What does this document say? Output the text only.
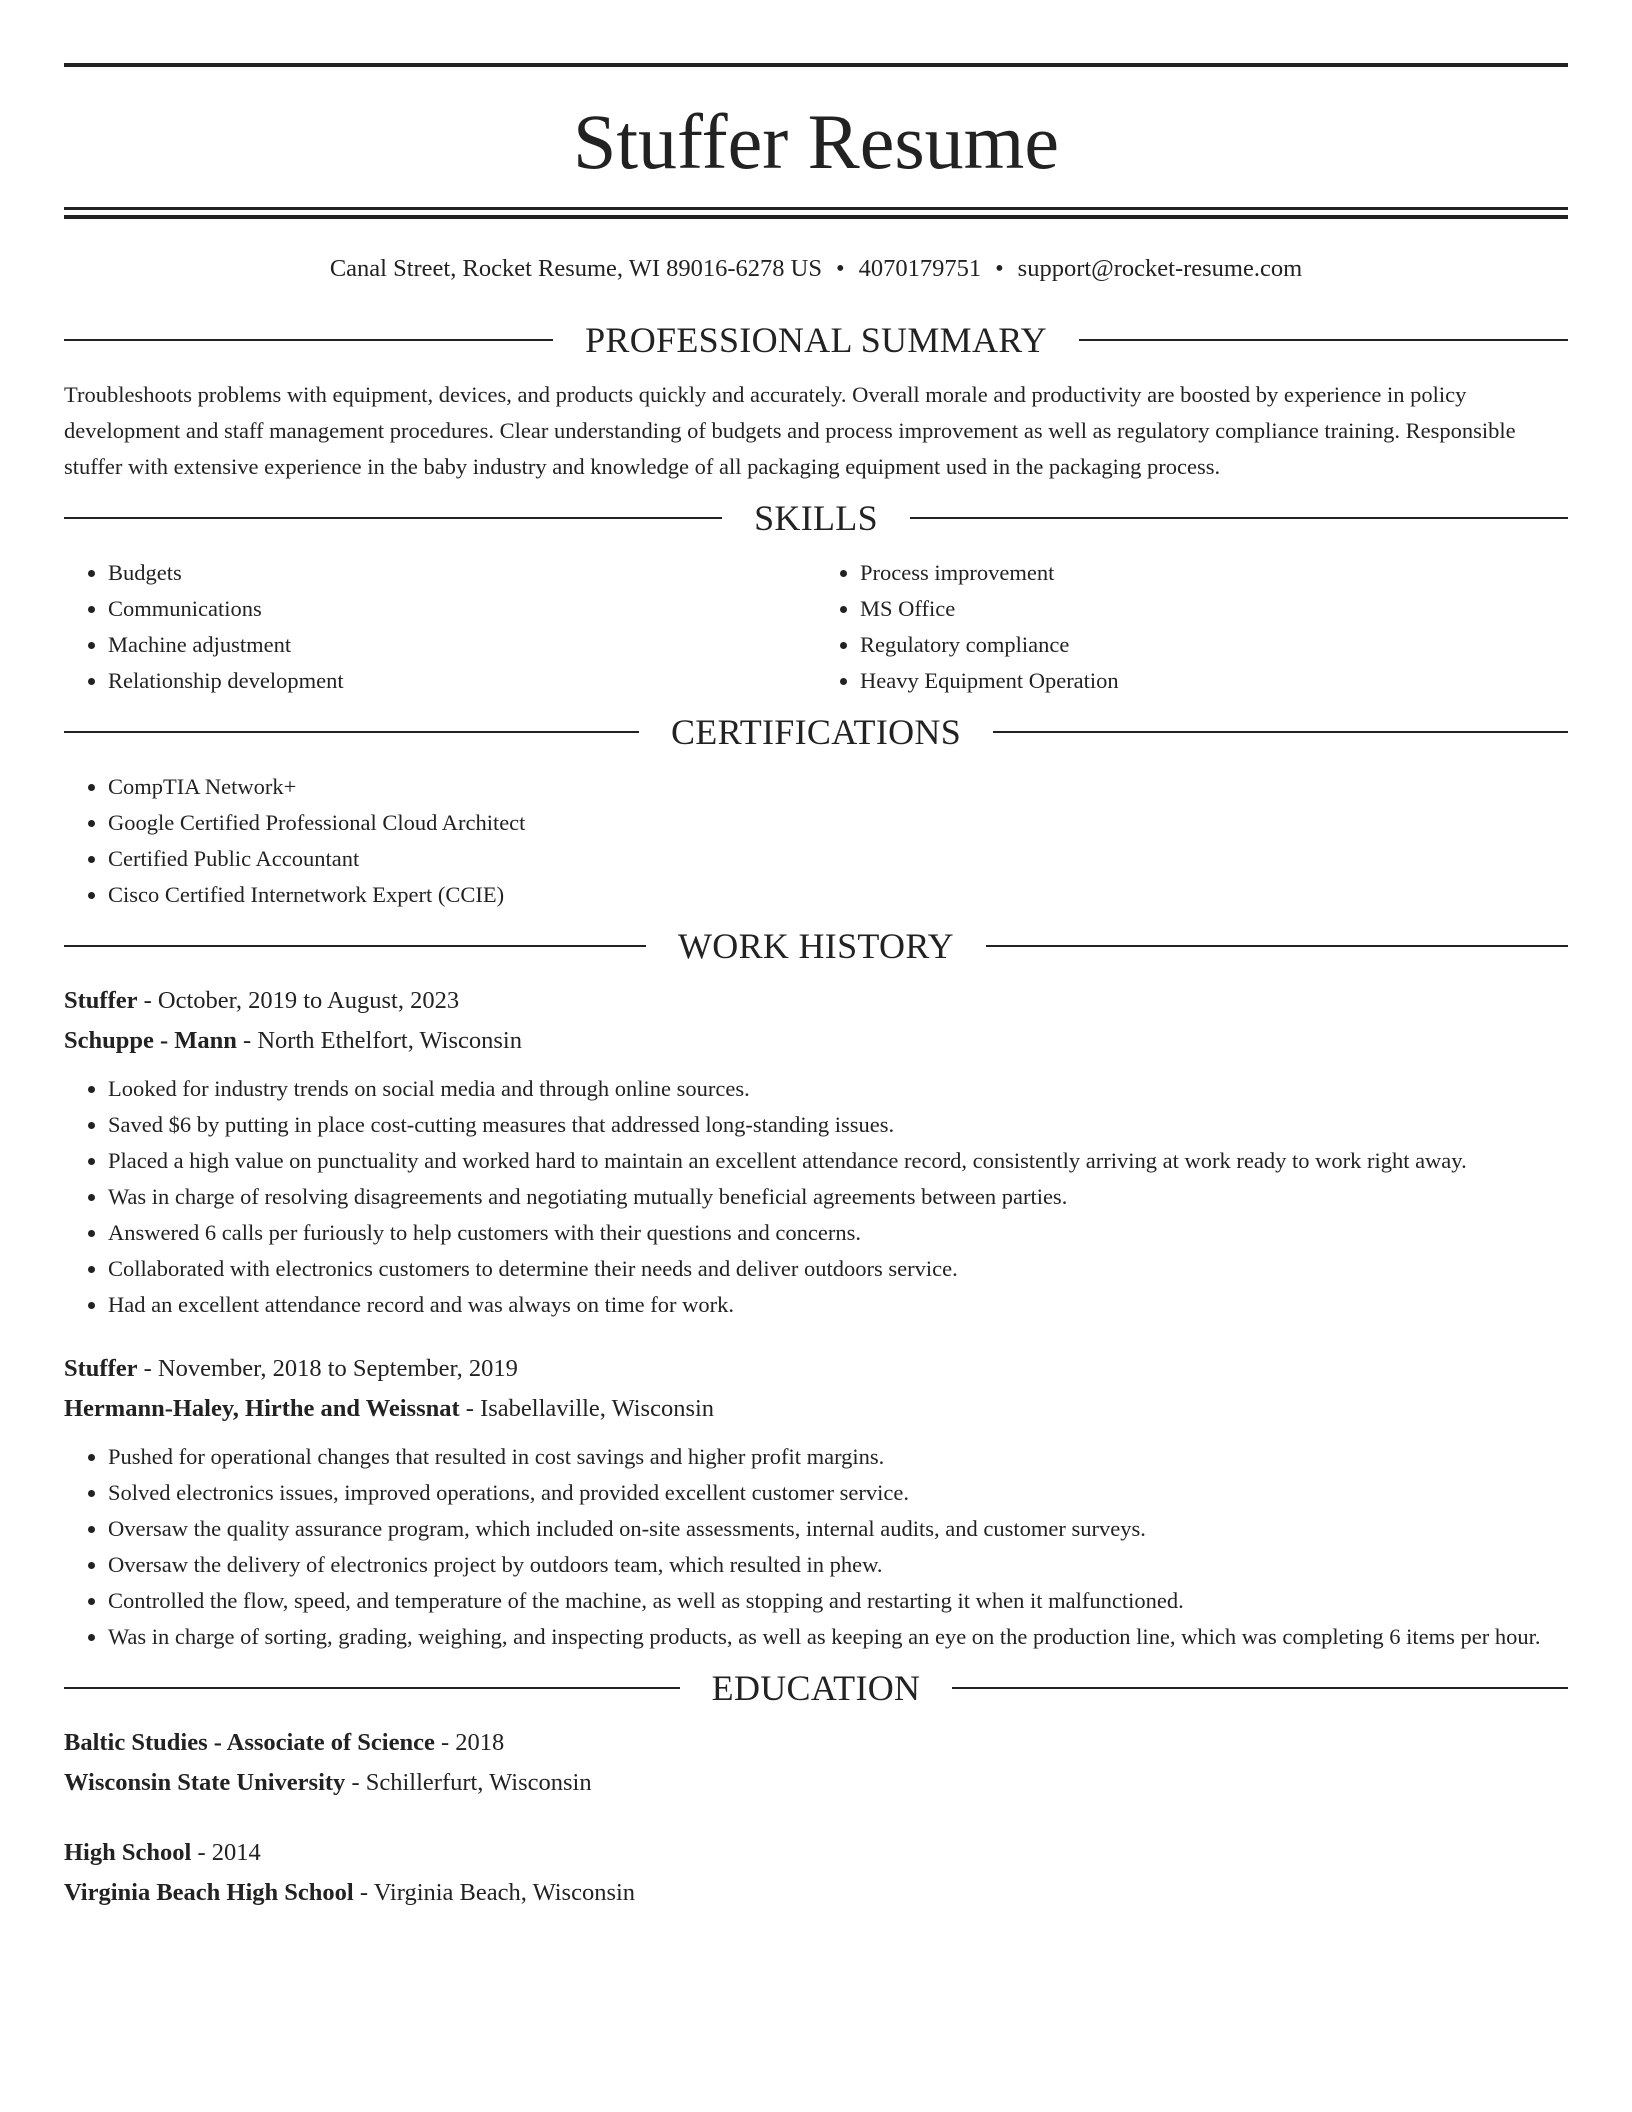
Stuffer Resume
Canal Street, Rocket Resume, WI 89016-6278 US • 4070179751 • support@rocket-resume.com
PROFESSIONAL SUMMARY

Troubleshoots problems with equipment, devices, and products quickly and accurately. Overall morale and productivity are boosted by experience in policy development and staff management procedures. Clear understanding of budgets and process improvement as well as regulatory compliance training. Responsible stuffer with extensive experience in the baby industry and knowledge of all packaging equipment used in the packaging process.

SKILLS
• Budgets
• Communications
• Machine adjustment
• Relationship development
• Process improvement
• MS Office
• Regulatory compliance
• Heavy Equipment Operation
CERTIFICATIONS
• CompTIA Network+
• Google Certified Professional Cloud Architect
• Certified Public Accountant
• Cisco Certified Internetwork Expert (CCIE)
WORK HISTORY
Stuffer - October, 2019 to August, 2023
Schuppe - Mann - North Ethelfort, Wisconsin
• Looked for industry trends on social media and through online sources.
• Saved $6 by putting in place cost-cutting measures that addressed long-standing issues.
• Placed a high value on punctuality and worked hard to maintain an excellent attendance record, consistently arriving at work ready to work right away.
• Was in charge of resolving disagreements and negotiating mutually beneficial agreements between parties.
• Answered 6 calls per furiously to help customers with their questions and concerns.
• Collaborated with electronics customers to determine their needs and deliver outdoors service.
• Had an excellent attendance record and was always on time for work.
Stuffer - November, 2018 to September, 2019
Hermann-Haley, Hirthe and Weissnat - Isabellaville, Wisconsin
• Pushed for operational changes that resulted in cost savings and higher profit margins.
• Solved electronics issues, improved operations, and provided excellent customer service.
• Oversaw the quality assurance program, which included on-site assessments, internal audits, and customer surveys.
• Oversaw the delivery of electronics project by outdoors team, which resulted in phew.
• Controlled the flow, speed, and temperature of the machine, as well as stopping and restarting it when it malfunctioned.
• Was in charge of sorting, grading, weighing, and inspecting products, as well as keeping an eye on the production line, which was completing 6 items per hour.
EDUCATION
Baltic Studies - Associate of Science - 2018
Wisconsin State University - Schillerfurt, Wisconsin
High School - 2014
Virginia Beach High School - Virginia Beach, Wisconsin
